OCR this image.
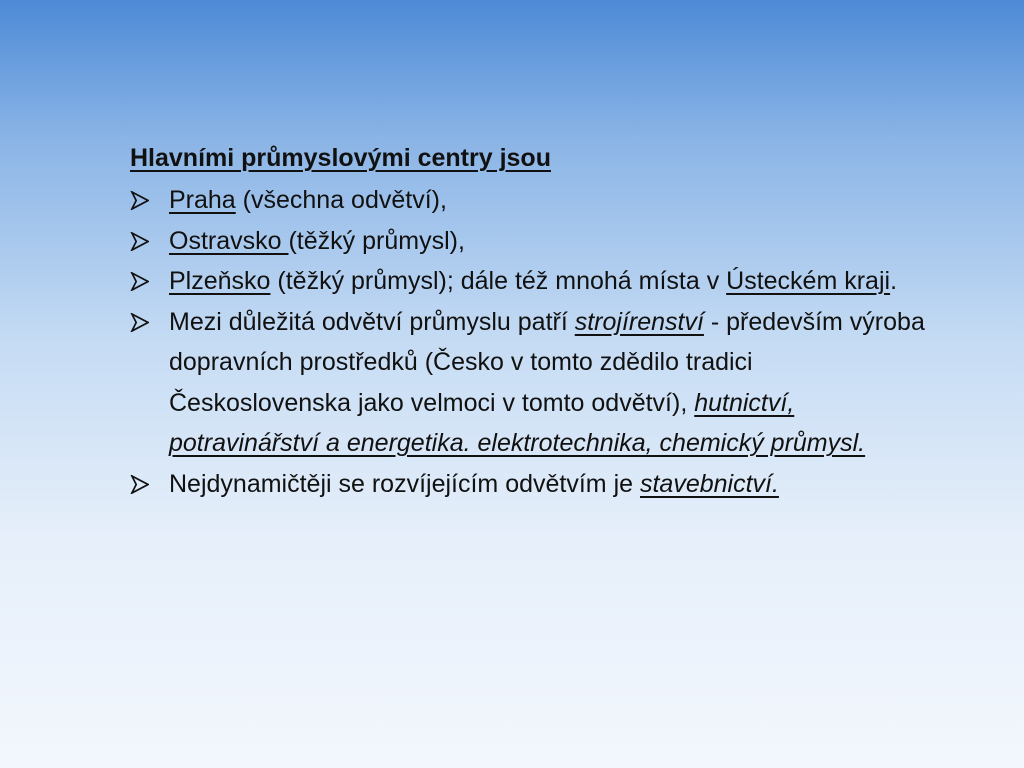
Hlavními průmyslovými centry jsou
Praha (všechna odvětví),
Ostravsko (těžký průmysl),
Plzeňsko (těžký průmysl); dále též mnohá místa v Ústeckém kraji.
Mezi důležitá odvětví průmyslu patří strojírenství - především výroba dopravních prostředků (Česko v tomto zdědilo tradici Československa jako velmoci v tomto odvětví), hutnictví, potravinářství a energetika. elektrotechnika, chemický průmysl.
Nejdynamičtěji se rozvíjejícím odvětvím je stavebnictví.
